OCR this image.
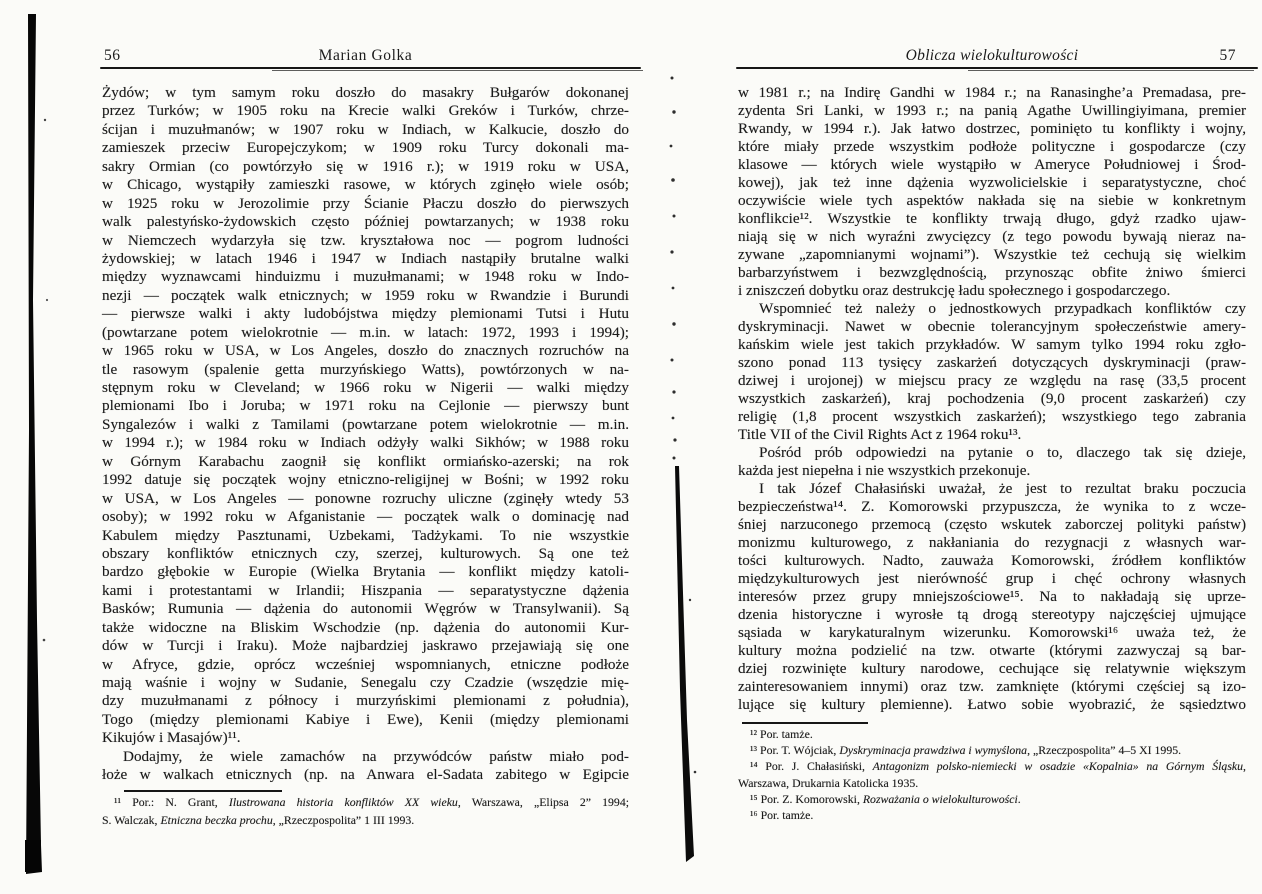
56	Marian Golka
Żydów; w tym samym roku doszło do masakry Bułgarów dokonanej
przez Turków; w 1905 roku na Krecie walki Greków i Turków, chrze-
ścijan i muzułmanów; w 1907 roku w Indiach, w Kalkucie, doszło do
zamieszek przeciw Europejczykom; w 1909 roku Turcy dokonali ma-
sakry Ormian (co powtórzyło się w 1916 r.); w 1919 roku w USA,
w Chicago, wystąpiły zamieszki rasowe, w których zginęło wiele osób;
w 1925 roku w Jerozolimie przy Ścianie Płaczu doszło do pierwszych
walk palestyńsko-żydowskich często później powtarzanych; w 1938 roku
w Niemczech wydarzyła się tzw. kryształowa noc — pogrom ludności
żydowskiej; w latach 1946 i 1947 w Indiach nastąpiły brutalne walki
między wyznawcami hinduizmu i muzułmanami; w 1948 roku w Indo-
nezji — początek walk etnicznych; w 1959 roku w Rwandzie i Burundi
— pierwsze walki i akty ludobójstwa między plemionami Tutsi i Hutu
(powtarzane potem wielokrotnie — m.in. w latach: 1972, 1993 i 1994);
w 1965 roku w USA, w Los Angeles, doszło do znacznych rozruchów na
tle rasowym (spalenie getta murzyńskiego Watts), powtórzonych w na-
stępnym roku w Cleveland; w 1966 roku w Nigerii — walki między
plemionami Ibo i Joruba; w 1971 roku na Cejlonie — pierwszy bunt
Syngalezów i walki z Tamilami (powtarzane potem wielokrotnie — m.in.
w 1994 r.); w 1984 roku w Indiach odżyły walki Sikhów; w 1988 roku
w Górnym Karabachu zaognił się konflikt ormiańsko-azerski; na rok
1992 datuje się początek wojny etniczno-religijnej w Bośni; w 1992 roku
w USA, w Los Angeles — ponowne rozruchy uliczne (zginęły wtedy 53
osoby); w 1992 roku w Afganistanie — początek walk o dominację nad
Kabulem między Pasztunami, Uzbekami, Tadżykami. To nie wszystkie
obszary konfliktów etnicznych czy, szerzej, kulturowych. Są one też
bardzo głębokie w Europie (Wielka Brytania — konflikt między katoli-
kami i protestantami w Irlandii; Hiszpania — separatystyczne dążenia
Basków; Rumunia — dążenia do autonomii Węgrów w Transylwanii). Są
także widoczne na Bliskim Wschodzie (np. dążenia do autonomii Kur-
dów w Turcji i Iraku). Może najbardziej jaskrawo przejawiają się one
w Afryce, gdzie, oprócz wcześniej wspomnianych, etniczne podłoże
mają waśnie i wojny w Sudanie, Senegalu czy Czadzie (wszędzie mię-
dzy muzułmanami z północy i murzyńskimi plemionami z południa),
Togo (między plemionami Kabiye i Ewe), Kenii (między plemionami
Kikujów i Masajów)¹¹.
Dodajmy, że wiele zamachów na przywódców państw miało pod-
łoże w walkach etnicznych (np. na Anwara el-Sadata zabitego w Egipcie
¹¹ Por.: N. Grant, Ilustrowana historia konfliktów XX wieku, Warszawa, „Elipsa 2” 1994;
S. Walczak, Etniczna beczka prochu, „Rzeczpospolita” 1 III 1993.
Oblicza wielokulturowości	57
w 1981 r.; na Indirę Gandhi w 1984 r.; na Ranasinghe’a Premadasa, pre-
zydenta Sri Lanki, w 1993 r.; na panią Agathe Uwillingiyimana, premier
Rwandy, w 1994 r.). Jak łatwo dostrzec, pominięto tu konflikty i wojny,
które miały przede wszystkim podłoże polityczne i gospodarcze (czy
klasowe — których wiele wystąpiło w Ameryce Południowej i Środ-
kowej), jak też inne dążenia wyzwolicielskie i separatystyczne, choć
oczywiście wiele tych aspektów nakłada się na siebie w konkretnym
konflikcie¹². Wszystkie te konflikty trwają długo, gdyż rzadko ujaw-
niają się w nich wyraźni zwycięzcy (z tego powodu bywają nieraz na-
zywane „zapomnianymi wojnami”). Wszystkie też cechują się wielkim
barbarzyństwem i bezwzględnością, przynosząc obfite żniwo śmierci
i zniszczeń dobytku oraz destrukcję ładu społecznego i gospodarczego.
Wspomnieć też należy o jednostkowych przypadkach konfliktów czy
dyskryminacji. Nawet w obecnie tolerancyjnym społeczeństwie amery-
kańskim wiele jest takich przykładów. W samym tylko 1994 roku zgło-
szono ponad 113 tysięcy zaskarżeń dotyczących dyskryminacji (praw-
dziwej i urojonej) w miejscu pracy ze względu na rasę (33,5 procent
wszystkich zaskarżeń), kraj pochodzenia (9,0 procent zaskarżeń) czy
religię (1,8 procent wszystkich zaskarżeń); wszystkiego tego zabrania
Title VII of the Civil Rights Act z 1964 roku¹³.
Pośród prób odpowiedzi na pytanie o to, dlaczego tak się dzieje,
każda jest niepełna i nie wszystkich przekonuje.
I tak Józef Chałasiński uważał, że jest to rezultat braku poczucia
bezpieczeństwa¹⁴. Z. Komorowski przypuszcza, że wynika to z wcze-
śniej narzuconego przemocą (często wskutek zaborczej polityki państw)
monizmu kulturowego, z nakłaniania do rezygnacji z własnych war-
tości kulturowych. Nadto, zauważa Komorowski, źródłem konfliktów
międzykulturowych jest nierówność grup i chęć ochrony własnych
interesów przez grupy mniejszościowe¹⁵. Na to nakładają się uprze-
dzenia historyczne i wyrosłe tą drogą stereotypy najczęściej ujmujące
sąsiada w karykaturalnym wizerunku. Komorowski¹⁶ uważa też, że
kultury można podzielić na tzw. otwarte (którymi zazwyczaj są bar-
dziej rozwinięte kultury narodowe, cechujące się relatywnie większym
zainteresowaniem innymi) oraz tzw. zamknięte (którymi częściej są izo-
lujące się kultury plemienne). Łatwo sobie wyobrazić, że sąsiedztwo
¹² Por. tamże.
¹³ Por. T. Wójciak, Dyskryminacja prawdziwa i wymyślona, „Rzeczpospolita” 4–5 XI 1995.
¹⁴ Por. J. Chałasiński, Antagonizm polsko-niemiecki w osadzie «Kopalnia» na Górnym Śląsku,
Warszawa, Drukarnia Katolicka 1935.
¹⁵ Por. Z. Komorowski, Rozważania o wielokulturowości.
¹⁶ Por. tamże.
